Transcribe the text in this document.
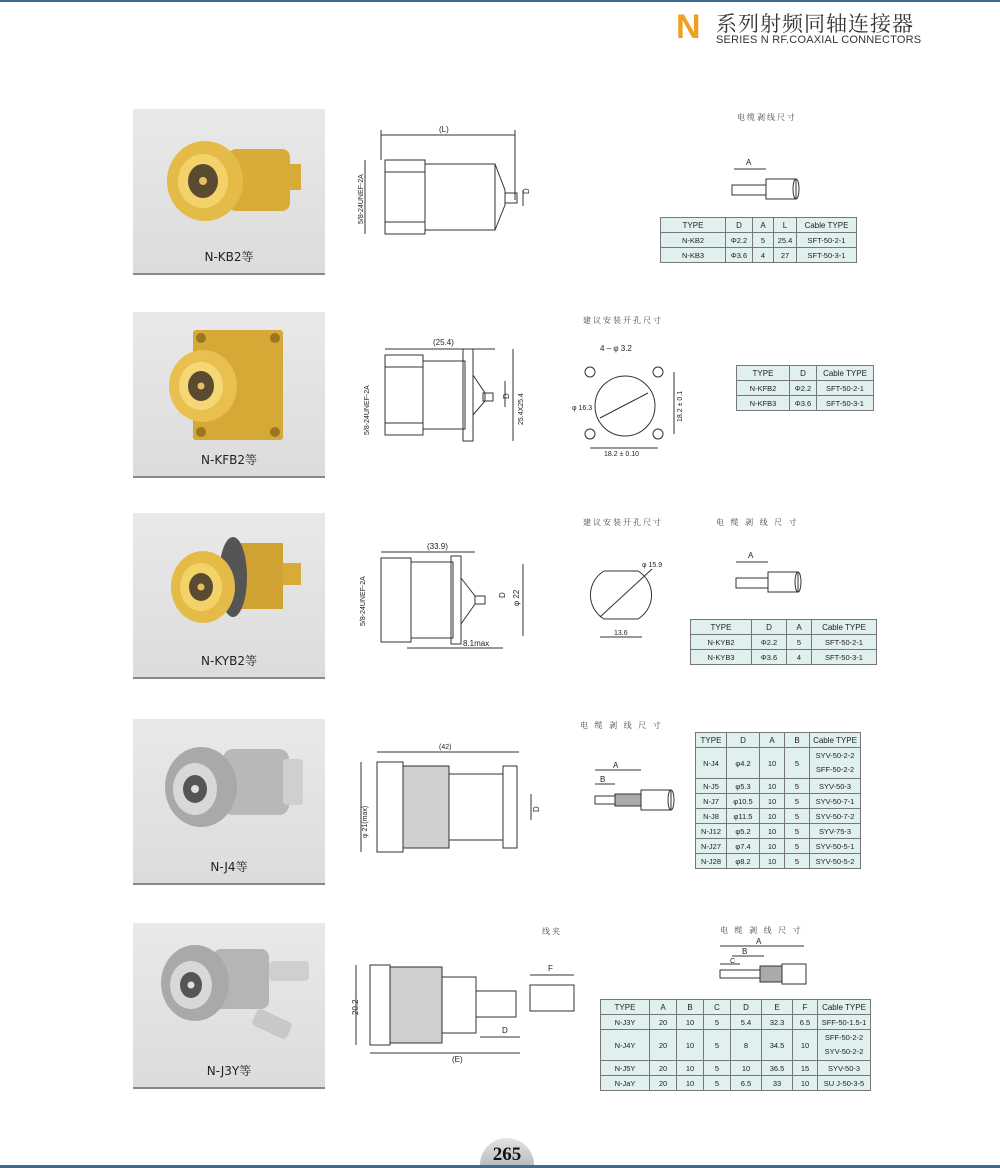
N 系列射频同轴连接器
SERIES N RF.COAXIAL CONNECTORS
N-KB2等
(L)
5/8-24UNEF-2A	D
电缆剥线尺寸
A
TYPE	D	A	L	Cable TYPE
N-KB2	Φ2.2	5	25.4	SFT-50-2-1
N-KB3	Φ3.6	4	27	SFT-50-3-1
N-KFB2等
(25.4)
5/8-24UNEF-2A	D 25.4X25.4
建议安装开孔尺寸
4 – φ 3.2
φ 16.3	18.2 ± 0.1
18.2 ± 0.10
TYPE	D	Cable TYPE
N-KFB2	Φ2.2	SFT-50-2-1
N-KFB3	Φ3.6	SFT-50-3-1
N-KYB2等
(33.9)
5/8-24UNEF-2A	D φ 22
8.1max
建议安装开孔尺寸
φ 15.9
13.6
电 缆 剥 线 尺 寸
A
TYPE	D	A	Cable TYPE
N-KYB2	Φ2.2	5	SFT-50-2-1
N-KYB3	Φ3.6	4	SFT-50-3-1
N-J4等
(42)
φ 21(max)	D
电 缆 剥 线 尺 寸
A
B
TYPE	D	A	B	Cable TYPE
N-J4	φ4.2	10	5	SYV-50-2-2
SFF-50-2-2
N-J5	φ5.3	10	5	SYV-50-3
N-J7	φ10.5	10	5	SYV-50-7-1
N-J8	φ11.5	10	5	SYV-50-7-2
N-J12	φ5.2	10	5	SYV-75-3
N-J27	φ7.4	10	5	SYV-50-5-1
N-J28	φ8.2	10	5	SYV-50-5-2
N-J3Y等
20.2
(E)
D
F
线夹	电 缆 剥 线 尺 寸
A
B
C
TYPE	A	B	C	D	E	F	Cable TYPE
N-J3Y	20	10	5	5.4	32.3	6.5	SFF-50-1.5-1
N-J4Y	20	10	5	8	34.5	10	SFF-50-2-2
SYV-50-2-2
N-J5Y	20	10	5	10	36.5	15	SYV-50-3
N-JaY	20	10	5	6.5	33	10	SU J-50-3-5
265
